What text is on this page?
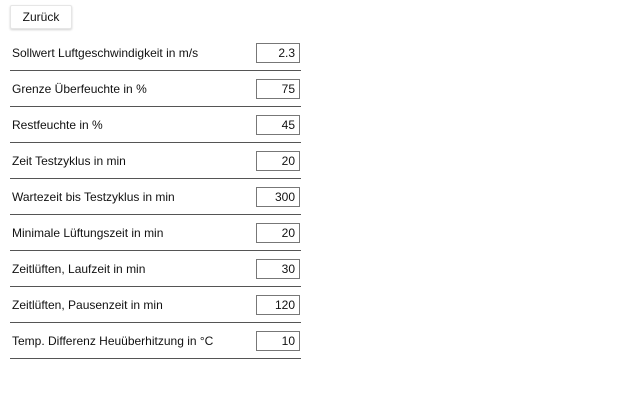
Zurück
Sollwert Luftgeschwindigkeit in m/s
2.3
Grenze Überfeuchte in %
75
Restfeuchte in %
45
Zeit Testzyklus in min
20
Wartezeit bis Testzyklus in min
300
Minimale Lüftungszeit in min
20
Zeitlüften, Laufzeit in min
30
Zeitlüften, Pausenzeit in min
120
Temp. Differenz Heuüberhitzung in °C
10
